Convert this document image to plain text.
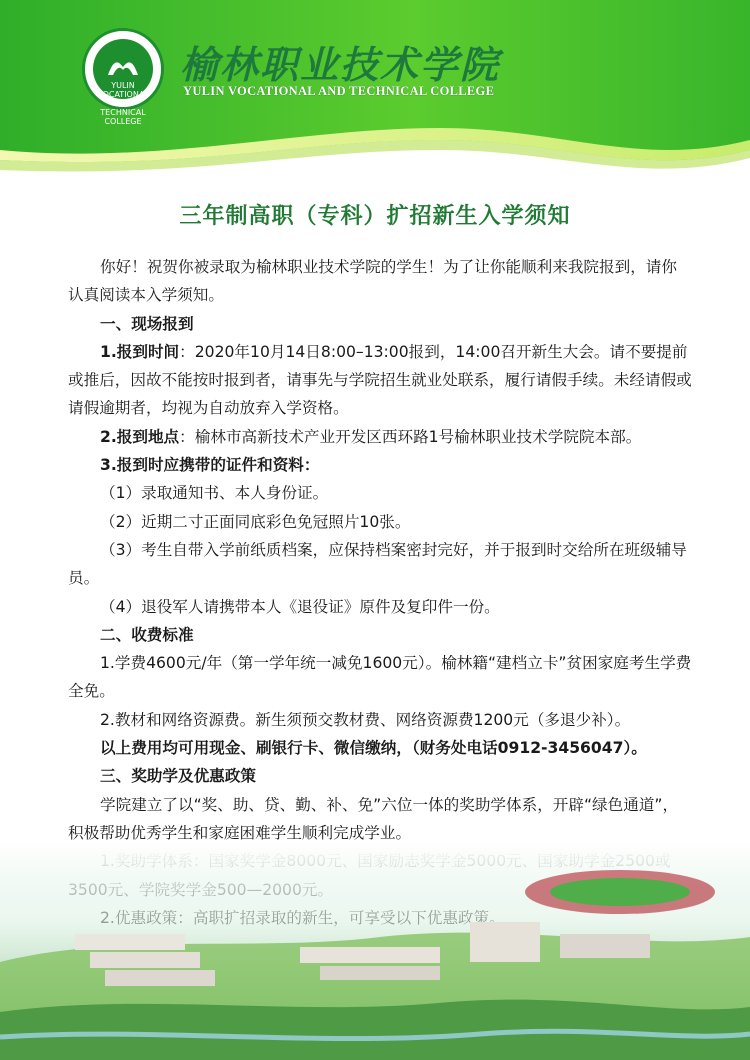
YULIN VOCATIONAL AND TECHNICAL COLLEGE
榆林职业技术学院
YULIN VOCATIONAL AND TECHNICAL COLLEGE
三年制高职（专科）扩招新生入学须知

你好！祝贺你被录取为榆林职业技术学院的学生！为了让你能顺利来我院报到，请你认真阅读本入学须知。

一、现场报到

1.报到时间：2020年10月14日8:00–13:00报到，14:00召开新生大会。请不要提前或推后，因故不能按时报到者，请事先与学院招生就业处联系，履行请假手续。未经请假或请假逾期者，均视为自动放弃入学资格。

2.报到地点：榆林市高新技术产业开发区西环路1号榆林职业技术学院院本部。

3.报到时应携带的证件和资料：

（1）录取通知书、本人身份证。

（2）近期二寸正面同底彩色免冠照片10张。

（3）考生自带入学前纸质档案，应保持档案密封完好，并于报到时交给所在班级辅导员。

（4）退役军人请携带本人《退役证》原件及复印件一份。

二、收费标准

1.学费4600元/年（第一学年统一减免1600元）。榆林籍“建档立卡”贫困家庭考生学费全免。

2.教材和网络资源费。新生须预交教材费、网络资源费1200元（多退少补）。

以上费用均可用现金、刷银行卡、微信缴纳，（财务处电话0912-3456047）。

三、奖助学及优惠政策

学院建立了以“奖、助、贷、勤、补、免”六位一体的奖助学体系，开辟“绿色通道”，积极帮助优秀学生和家庭困难学生顺利完成学业。
